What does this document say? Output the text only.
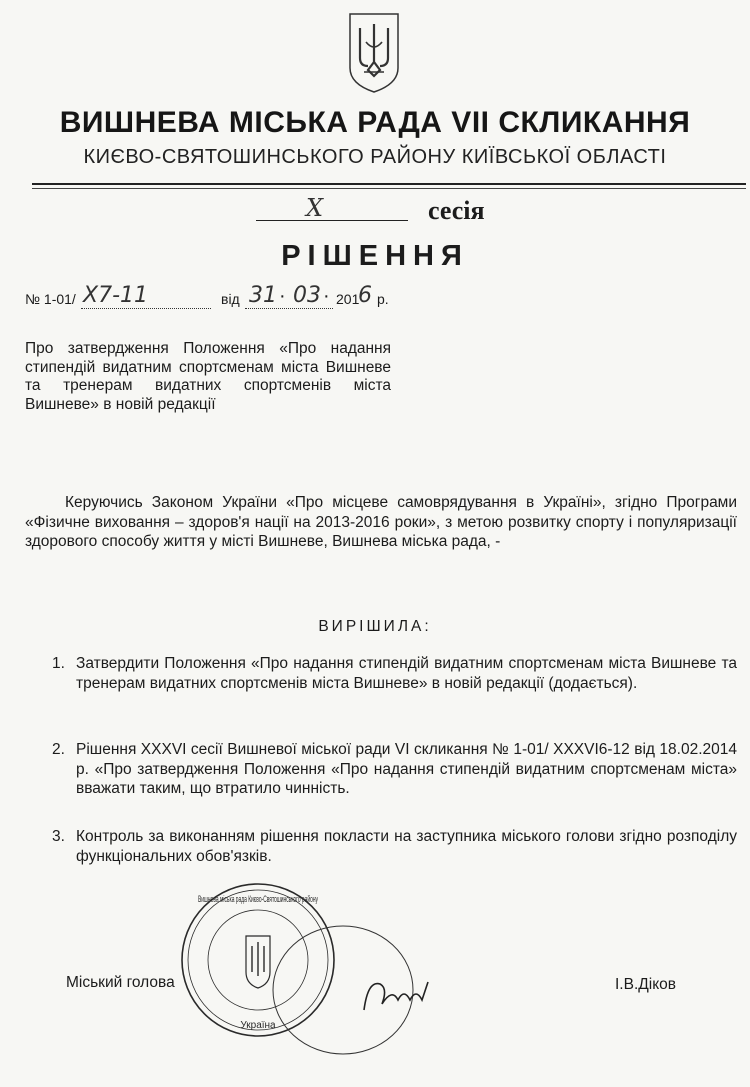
ВИШНЕВА МІСЬКА РАДА VII СКЛИКАННЯ
КИЄВО-СВЯТОШИНСЬКОГО РАЙОНУ КИЇВСЬКОЇ ОБЛАСТІ
X	сесія
РІШЕННЯ
№ 1-01/ X7-11	від 31 · 03 · 201
6 р.
Про затвердження Положення «Про надання стипендій видатним спортсменам міста Вишневе та тренерам видатних спортсменів міста Вишневе» в новій редакції
Керуючись Законом України «Про місцеве самоврядування в Україні», згідно Програми «Фізичне виховання – здоров'я нації на 2013-2016 роки», з метою розвитку спорту і популяризації здорового способу життя у місті Вишневе, Вишнева міська рада, -
ВИРІШИЛА:
1. Затвердити Положення «Про надання стипендій видатним спортсменам міста Вишневе та тренерам видатних спортсменів міста Вишневе» в новій редакції (додається).
2. Рішення XXXVI сесії Вишневої міської ради VI скликання № 1-01/ XXXVI6-12 від 18.02.2014 р. «Про затвердження Положення «Про надання стипендій видатним спортсменам міста» вважати таким, що втратило чинність.
3. Контроль за виконанням рішення покласти на заступника міського голови згідно розподілу функціональних обов'язків.
Україна
Вишнева міська рада Києво-Святошинського району
Міський голова	І.В.Діков
